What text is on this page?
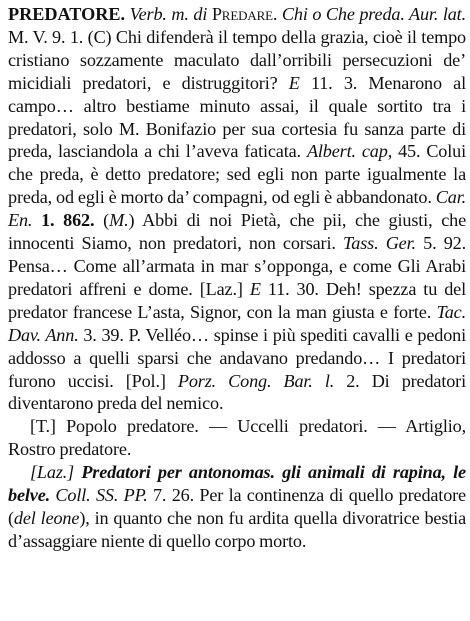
PREDATORE. Verb. m. di Predare. Chi o Che preda. Aur. lat. M. V. 9. 1. (C) Chi difenderà il tempo della grazia, cioè il tempo cristiano sozzamente maculato dall’orribili persecuzioni de’ micidiali predatori, e distruggitori? E 11. 3. Menarono al campo… altro bestiame minuto assai, il quale sortito tra i predatori, solo M. Bonifazio per sua cortesia fu sanza parte di preda, lasciandola a chi l’aveva faticata. Albert. cap, 45. Colui che preda, è detto predatore; sed egli non parte igualmente la preda, od egli è morto da’ compagni, od egli è abbandonato. Car. En. 1. 862. (M.) Abbi di noi Pietà, che pii, che giusti, che innocenti Siamo, non predatori, non corsari. Tass. Ger. 5. 92. Pensa… Come all’armata in mar s’opponga, e come Gli Arabi predatori affreni e dome. [Laz.] E 11. 30. Deh! spezza tu del predator francese L’asta, Signor, con la man giusta e forte. Tac. Dav. Ann. 3. 39. P. Velléo… spinse i più spediti cavalli e pedoni addosso a quelli sparsi che andavano predando… I predatori furono uccisi. [Pol.] Porz. Cong. Bar. l. 2. Di predatori diventarono preda del nemico.

[T.] Popolo predatore. — Uccelli predatori. — Artiglio, Rostro predatore.

[Laz.] Predatori per antonomas. gli animali di rapina, le belve. Coll. SS. PP. 7. 26. Per la continenza di quello predatore (del leone), in quanto che non fu ardita quella divoratrice bestia d’assaggiare niente di quello corpo morto.
